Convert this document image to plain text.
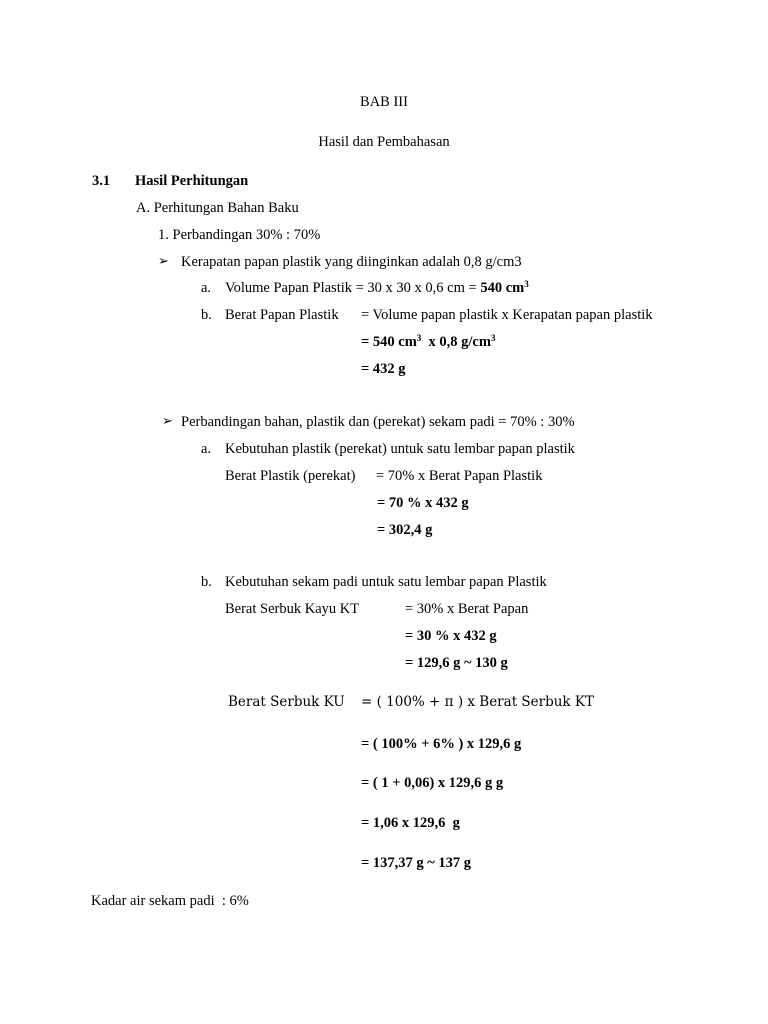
BAB III
Hasil dan Pembahasan
3.1 Hasil Perhitungan
A. Perhitungan Bahan Baku
1. Perbandingan 30% : 70%
➢ Kerapatan papan plastik yang diinginkan adalah 0,8 g/cm3
a. Volume Papan Plastik = 30 x 30 x 0,6 cm = 540 $cm^3$
b. Berat Papan Plastik = Volume papan plastik x Kerapatan papan plastik
= 540 $cm^3$  x 0,8 $g/cm^3$
= 432 g
➢ Perbandingan bahan, plastik dan (perekat) sekam padi = 70% : 30%
a. Kebutuhan plastik (perekat) untuk satu lembar papan plastik
Berat Plastik (perekat) = 70% x Berat Papan Plastik
= 70 % x 432 g
= 302,4 g
b. Kebutuhan sekam padi untuk satu lembar papan Plastik
Berat Serbuk Kayu KT	= 30% x Berat Papan
= 30 % x 432 g
= 129,6 g ~ 130 g
Berat Serbuk KU = ( 100% + π ) x Berat Serbuk KT
= ( 100% + 6% ) x 129,6 g
= ( 1 + 0,06) x 129,6 g g
= 1,06 x 129,6  g
= 137,37 g ~ 137 g
Kadar air sekam padi  : 6%
